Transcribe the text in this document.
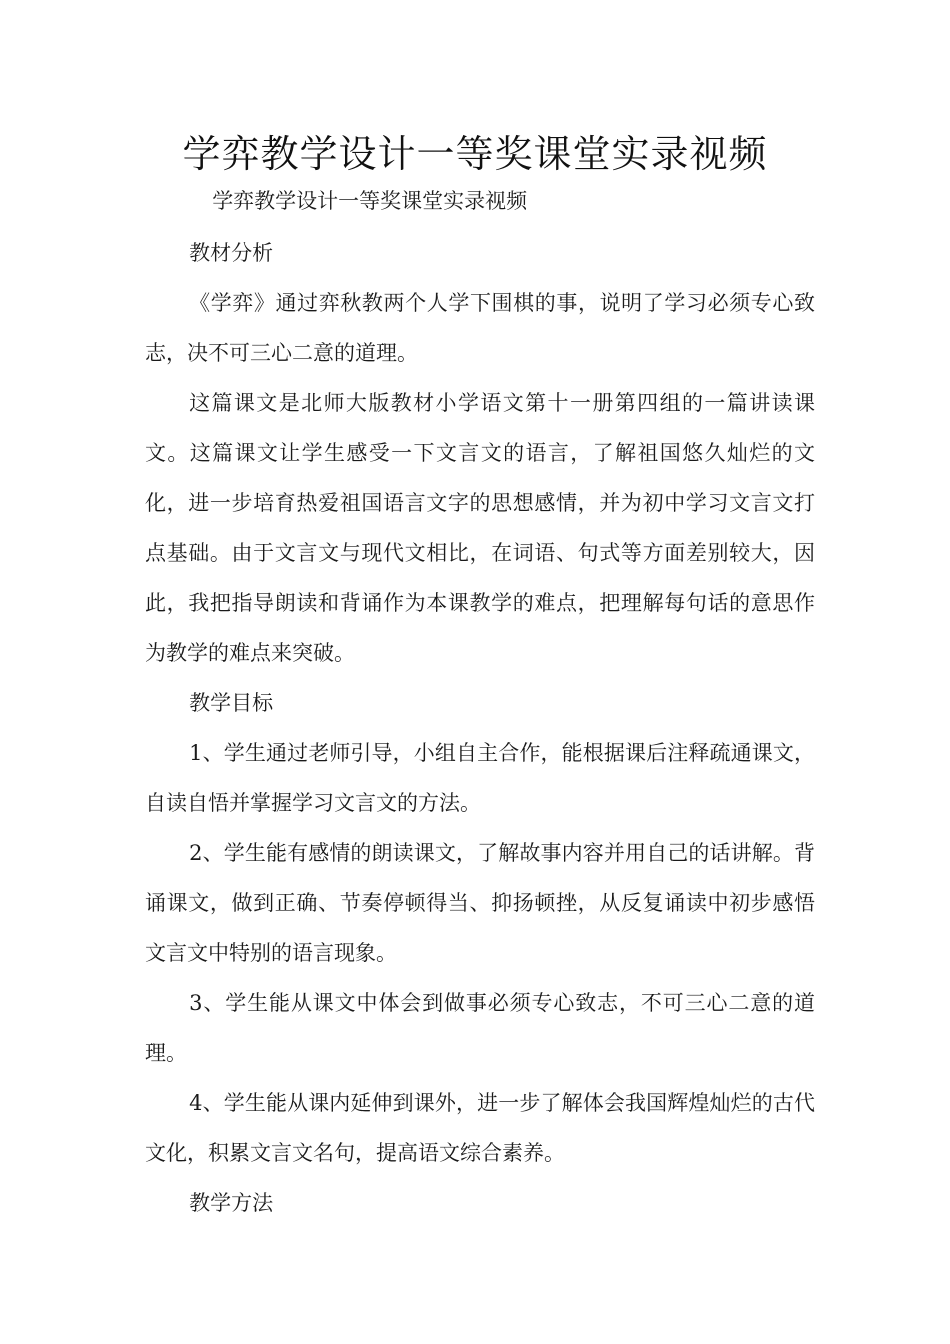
学弈教学设计一等奖课堂实录视频

学弈教学设计一等奖课堂实录视频

教材分析

《学弈》通过弈秋教两个人学下围棋的事，说明了学习必须专心致志，决不可三心二意的道理。

这篇课文是北师大版教材小学语文第十一册第四组的一篇讲读课文。这篇课文让学生感受一下文言文的语言，了解祖国悠久灿烂的文化，进一步培育热爱祖国语言文字的思想感情，并为初中学习文言文打点基础。由于文言文与现代文相比，在词语、句式等方面差别较大，因此，我把指导朗读和背诵作为本课教学的难点，把理解每句话的意思作为教学的难点来突破。

教学目标

1、学生通过老师引导，小组自主合作，能根据课后注释疏通课文，自读自悟并掌握学习文言文的方法。

2、学生能有感情的朗读课文，了解故事内容并用自己的话讲解。背诵课文，做到正确、节奏停顿得当、抑扬顿挫，从反复诵读中初步感悟文言文中特别的语言现象。

3、学生能从课文中体会到做事必须专心致志，不可三心二意的道理。

4、学生能从课内延伸到课外，进一步了解体会我国辉煌灿烂的古代文化，积累文言文名句，提高语文综合素养。

教学方法
